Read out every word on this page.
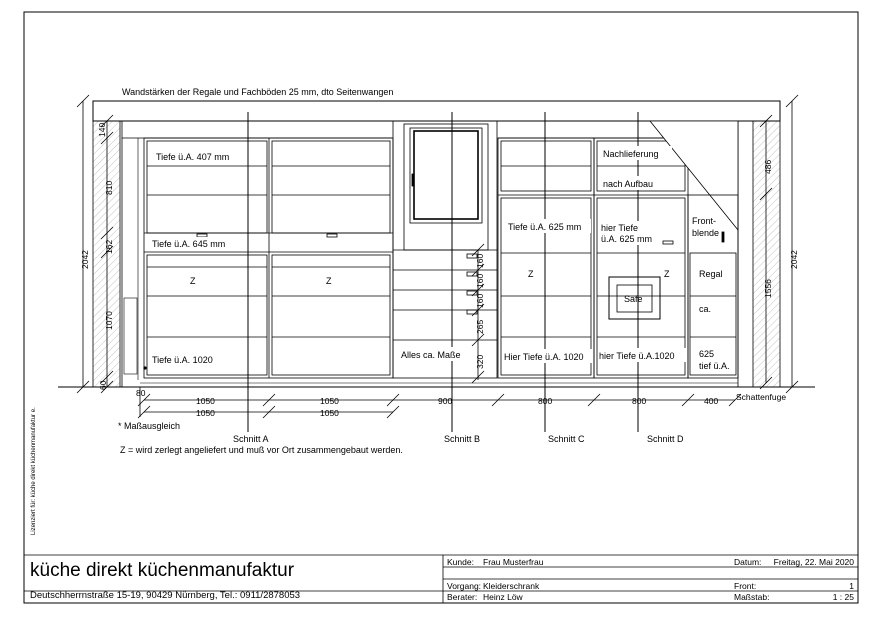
Wandstärken der Regale und Fachböden 25 mm, dto Seitenwangen
Lizenziert für: küche direkt küchenmanufaktur e.
Tiefe ü.A. 407 mm
Tiefe ü.A. 645 mm
Z	Z
Tiefe ü.A. 1020	Alles ca. Maße
Tiefe ü.A. 625 mm
Z
Hier Tiefe ü.A. 1020
Nachlieferung
nach Aufbau
hier Tiefe
ü.A. 625 mm
Safe
Z
hier Tiefe ü.A.1020
Front-
blende
Regal
ca.
625
tief ü.A.
2042
140
810
162
1070
60
486
1556
2042
160
160
160
265
320
80
1050	1050	900	800	800	400 Schattenfuge
1050	1050
Schnitt A	Schnitt B	Schnitt C	Schnitt D
* Maßausgleich
Z = wird zerlegt angeliefert und muß vor Ort zusammengebaut werden.
küche direkt küchenmanufaktur
Deutschherrnstraße 15-19, 90429 Nürnberg, Tel.: 0911/2878053
Kunde: Frau Musterfrau	Datum: Freitag, 22. Mai 2020
Vorgang: Kleiderschrank	Front:	1
Berater: Heinz Löw	Maßstab:	1 : 25
